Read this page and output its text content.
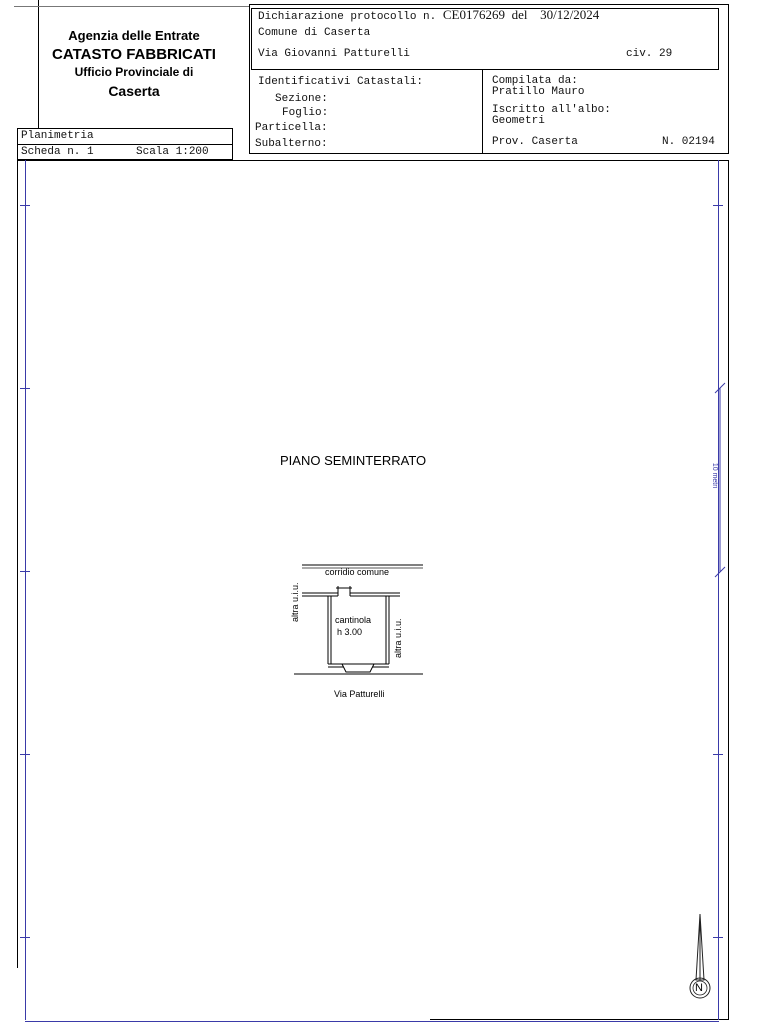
Agenzia delle Entrate
CATASTO FABBRICATI
Ufficio Provinciale di
Caserta
Dichiarazione protocollo n. CE0176269 del 30/12/2024
Comune di Caserta
Via Giovanni Patturelli	civ. 29
Identificativi Catastali:
Sezione:
Foglio:
Particella:
Subalterno:
Compilata da:
Pratillo Mauro
Iscritto all'albo:
Geometri
Prov. Caserta	N. 02194
Planimetria
Scheda n. 1	Scala 1:200
10 metri
PIANO SEMINTERRATO
corridio comune
cantinola
h 3.00
altra u.i.u.
altra u.i.u.
Via Patturelli
N
